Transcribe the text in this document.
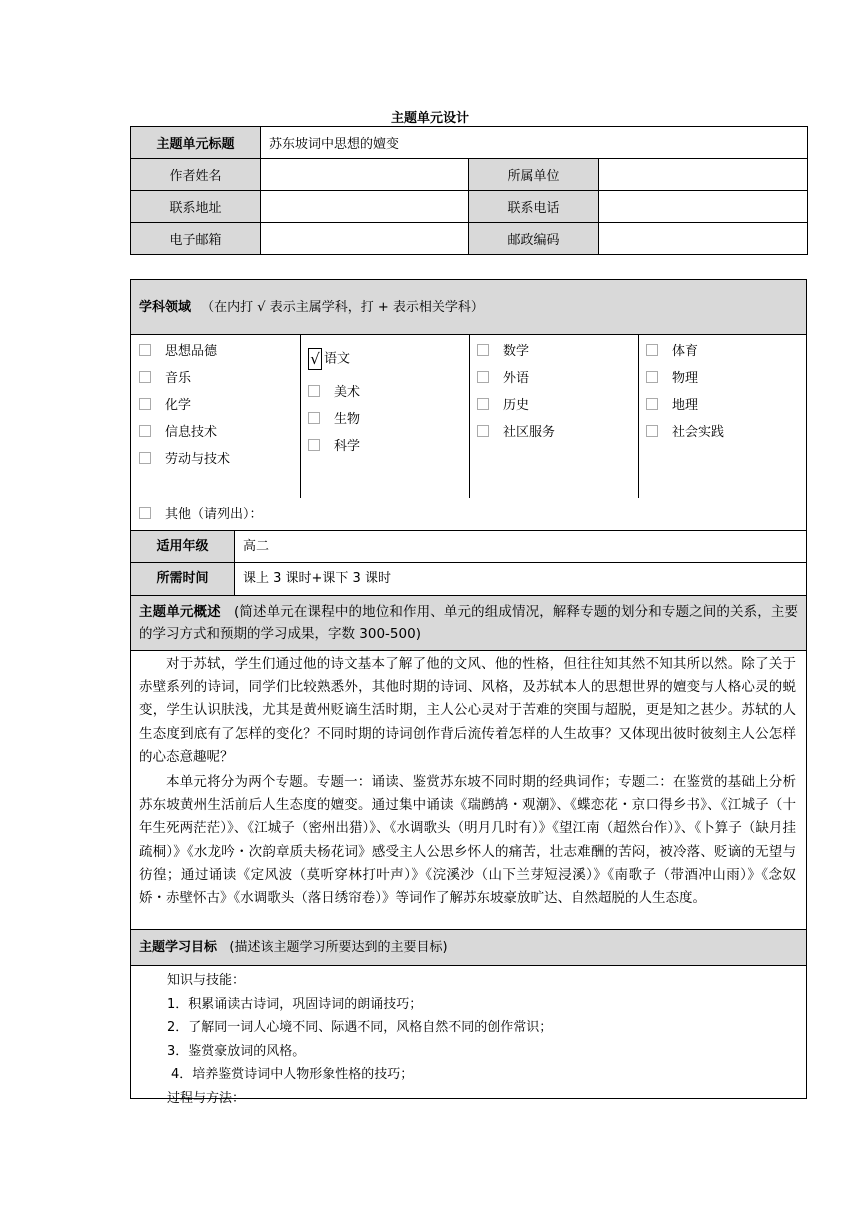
主题单元设计
主题单元标题	苏东坡词中思想的嬗变		
作者姓名		所属单位	
联系地址		联系电话	
电子邮箱		邮政编码	
学科领域 （在内打 √ 表示主属学科，打 + 表示相关学科）
思想品德
音乐
化学
信息技术
劳动与技术
√ 语文
美术
生物
科学
数学
外语
历史
社区服务
体育
物理
地理
社会实践
其他（请列出）：
适用年级	高二
所需时间	课上 3 课时+课下 3 课时

主题单元概述 (简述单元在课程中的地位和作用、单元的组成情况，解释专题的划分和专题之间的关系，主要的学习方式和预期的学习成果，字数 300-500)

对于苏轼，学生们通过他的诗文基本了解了他的文风、他的性格，但往往知其然不知其所以然。除了关于赤壁系列的诗词，同学们比较熟悉外，其他时期的诗词、风格，及苏轼本人的思想世界的嬗变与人格心灵的蜕变，学生认识肤浅，尤其是黄州贬谪生活时期，主人公心灵对于苦难的突围与超脱，更是知之甚少。苏轼的人生态度到底有了怎样的变化？不同时期的诗词创作背后流传着怎样的人生故事？又体现出彼时彼刻主人公怎样的心态意趣呢？

本单元将分为两个专题。专题一：诵读、鉴赏苏东坡不同时期的经典词作；专题二：在鉴赏的基础上分析苏东坡黄州生活前后人生态度的嬗变。通过集中诵读《瑞鹧鸪・观潮》、《蝶恋花・京口得乡书》、《江城子（十年生死两茫茫）》、《江城子（密州出猎）》、《水调歌头（明月几时有）》《望江南（超然台作）》、《卜算子（缺月挂疏桐）》《水龙吟・次韵章质夫杨花词》感受主人公思乡怀人的痛苦，壮志难酬的苦闷，被冷落、贬谪的无望与彷徨；通过诵读《定风波（莫听穿林打叶声）》《浣溪沙（山下兰芽短浸溪）》《南歌子（带酒冲山雨）》《念奴娇・赤壁怀古》《水调歌头（落日绣帘卷）》等词作了解苏东坡豪放旷达、自然超脱的人生态度。

主题学习目标 (描述该主题学习所要达到的主要目标)

知识与技能：

1．积累诵读古诗词，巩固诗词的朗诵技巧；

2．了解同一词人心境不同、际遇不同，风格自然不同的创作常识；

3．鉴赏豪放词的风格。

4．培养鉴赏诗词中人物形象性格的技巧；

过程与方法：
